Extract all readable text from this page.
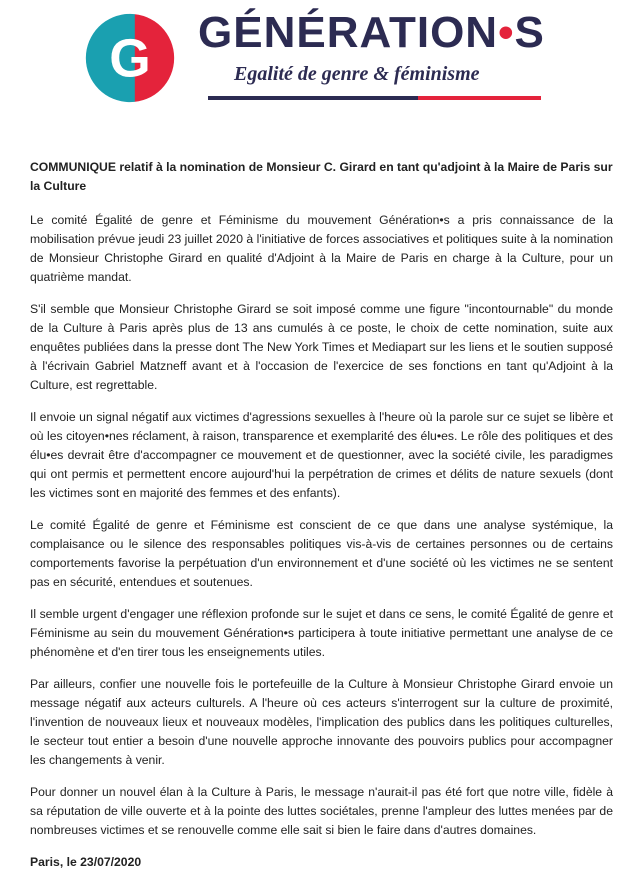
G GÉNÉRATION•S
Egalité de genre & féminisme

COMMUNIQUE relatif à la nomination de Monsieur C. Girard en tant qu'adjoint à la Maire de Paris sur la Culture

Le comité Égalité de genre et Féminisme du mouvement Génération•s a pris connaissance de la mobilisation prévue jeudi 23 juillet 2020 à l'initiative de forces associatives et politiques suite à la nomination de Monsieur Christophe Girard en qualité d'Adjoint à la Maire de Paris en charge à la Culture, pour un quatrième mandat.

S'il semble que Monsieur Christophe Girard se soit imposé comme une figure "incontournable" du monde de la Culture à Paris après plus de 13 ans cumulés à ce poste, le choix de cette nomination, suite aux enquêtes publiées dans la presse dont The New York Times et Mediapart sur les liens et le soutien supposé à l'écrivain Gabriel Matzneff avant et à l'occasion de l'exercice de ses fonctions en tant qu'Adjoint à la Culture, est regrettable.

Il envoie un signal négatif aux victimes d'agressions sexuelles à l'heure où la parole sur ce sujet se libère et où les citoyen•nes réclament, à raison, transparence et exemplarité des élu•es. Le rôle des politiques et des élu•es devrait être d'accompagner ce mouvement et de questionner, avec la société civile, les paradigmes qui ont permis et permettent encore aujourd'hui la perpétration de crimes et délits de nature sexuels (dont les victimes sont en majorité des femmes et des enfants).

Le comité Égalité de genre et Féminisme est conscient de ce que dans une analyse systémique, la complaisance ou le silence des responsables politiques vis-à-vis de certaines personnes ou de certains comportements favorise la perpétuation d'un environnement et d'une société où les victimes ne se sentent pas en sécurité, entendues et soutenues.

Il semble urgent d'engager une réflexion profonde sur le sujet et dans ce sens, le comité Égalité de genre et Féminisme au sein du mouvement Génération•s participera à toute initiative permettant une analyse de ce phénomène et d'en tirer tous les enseignements utiles.

Par ailleurs, confier une nouvelle fois le portefeuille de la Culture à Monsieur Christophe Girard envoie un message négatif aux acteurs culturels. A l'heure où ces acteurs s'interrogent sur la culture de proximité, l'invention de nouveaux lieux et nouveaux modèles, l'implication des publics dans les politiques culturelles, le secteur tout entier a besoin d'une nouvelle approche innovante des pouvoirs publics pour accompagner les changements à venir.

Pour donner un nouvel élan à la Culture à Paris, le message n'aurait-il pas été fort que notre ville, fidèle à sa réputation de ville ouverte et à la pointe des luttes sociétales, prenne l'ampleur des luttes menées par de nombreuses victimes et se renouvelle comme elle sait si bien le faire dans d'autres domaines.

Paris, le 23/07/2020
